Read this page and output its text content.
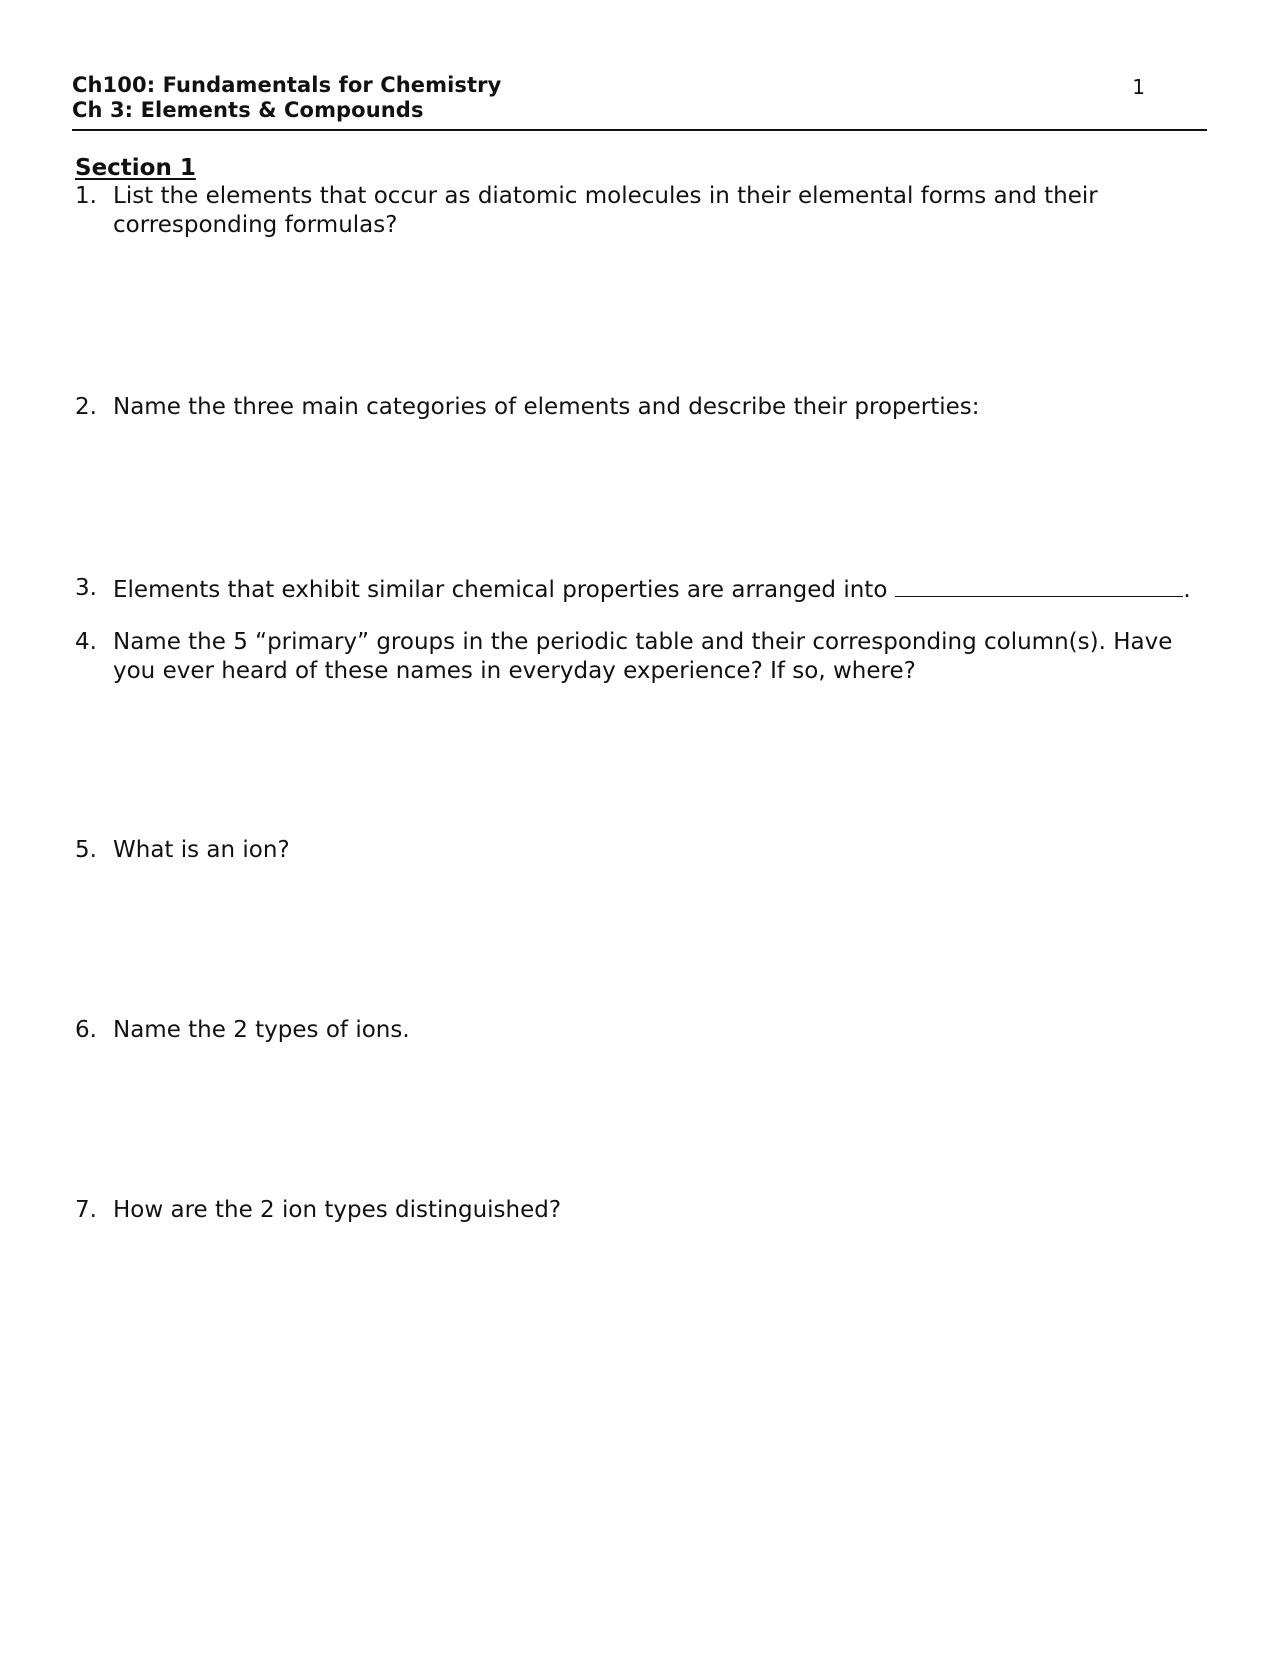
Ch100: Fundamentals for Chemistry
Ch 3: Elements & Compounds
1
Section 1
1. List the elements that occur as diatomic molecules in their elemental forms and their corresponding formulas?
2. Name the three main categories of elements and describe their properties:
3. Elements that exhibit similar chemical properties are arranged into	.
4. Name the 5 “primary” groups in the periodic table and their corresponding column(s). Have you ever heard of these names in everyday experience? If so, where?
5. What is an ion?
6. Name the 2 types of ions.
7. How are the 2 ion types distinguished?
